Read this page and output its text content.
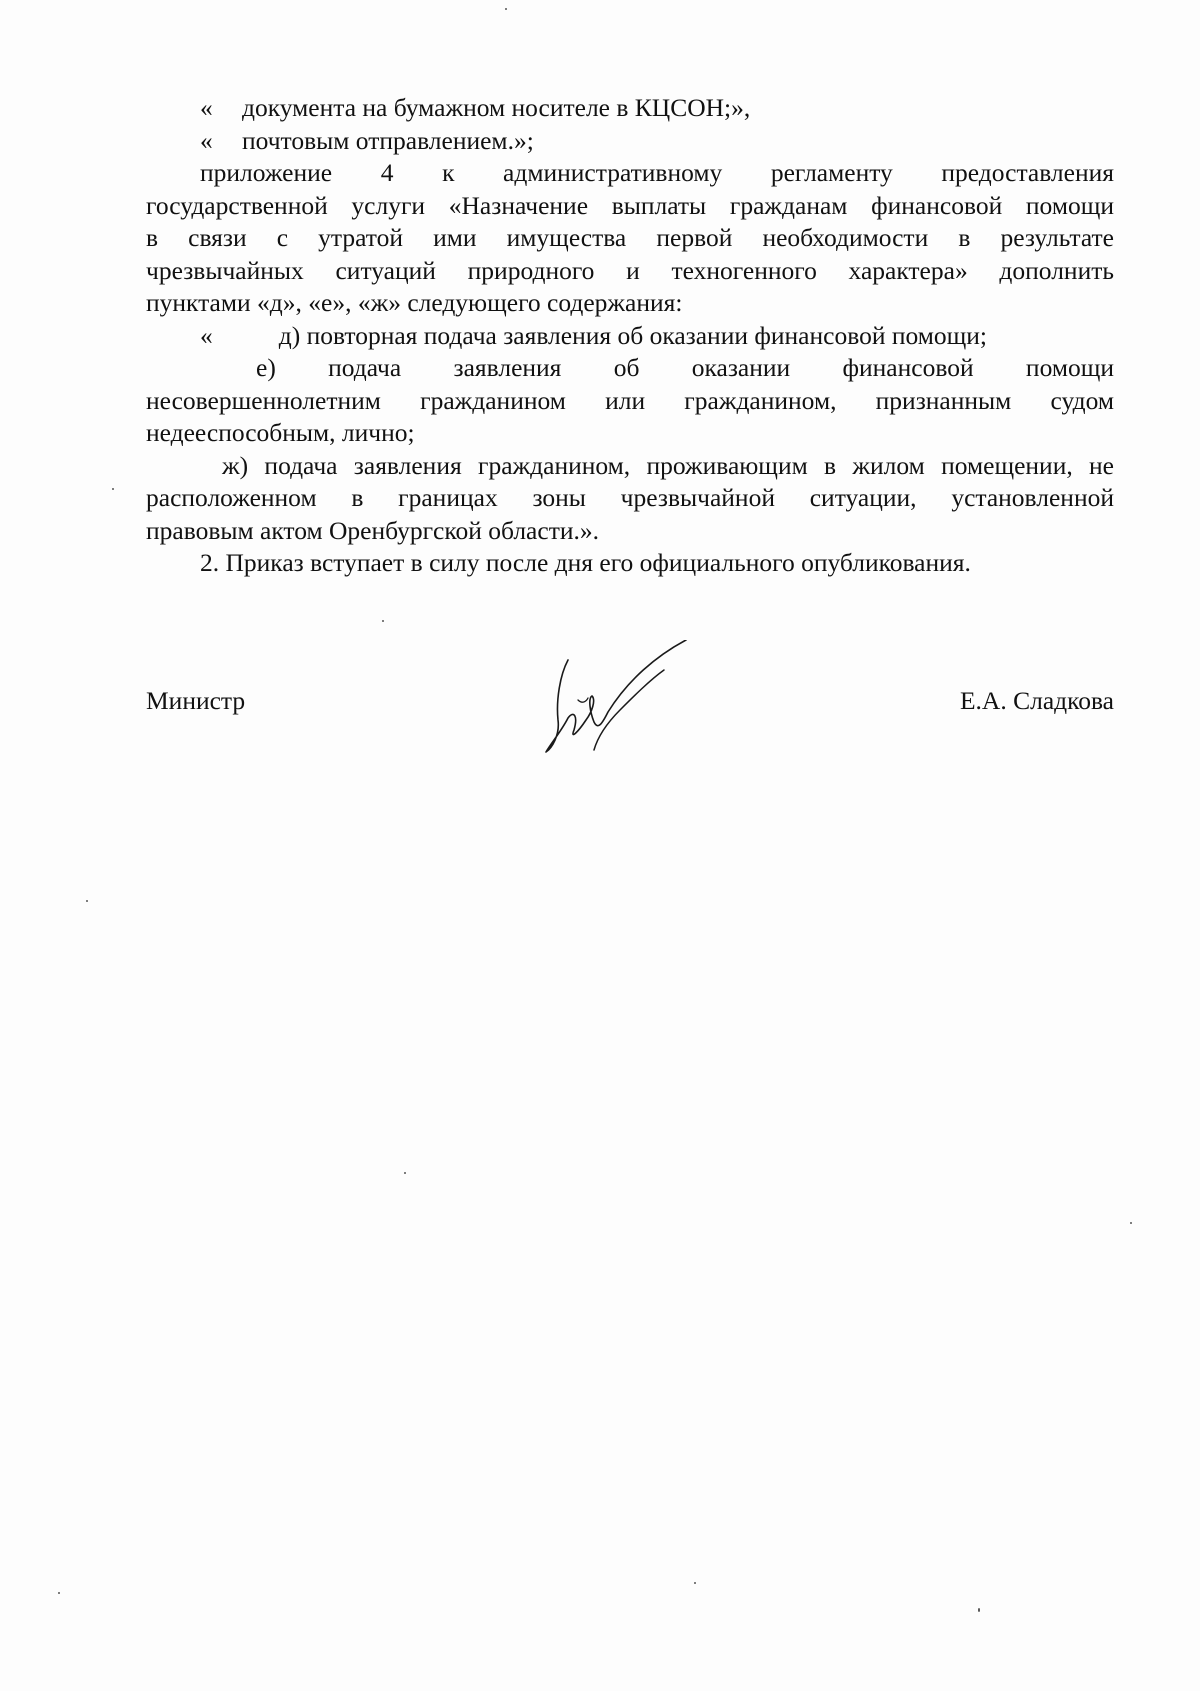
« документа на бумажном носителе в КЦСОН;»,

« почтовым отправлением.»;

приложение 4 к административному регламенту предоставления

государственной услуги «Назначение выплаты гражданам финансовой помощи

в связи с утратой ими имущества первой необходимости в результате

чрезвычайных ситуаций природного и техногенного характера» дополнить

пунктами «д», «е», «ж» следующего содержания:

«	д) повторная подача заявления об оказании финансовой помощи;

е) подача заявления об оказании финансовой помощи

несовершеннолетним гражданином или гражданином, признанным судом

недееспособным, лично;

ж) подача заявления гражданином, проживающим в жилом помещении, не

расположенном в границах зоны чрезвычайной ситуации, установленной

правовым актом Оренбургской области.».

2. Приказ вступает в силу после дня его официального опубликования.

Министр	Е.А. Сладкова
